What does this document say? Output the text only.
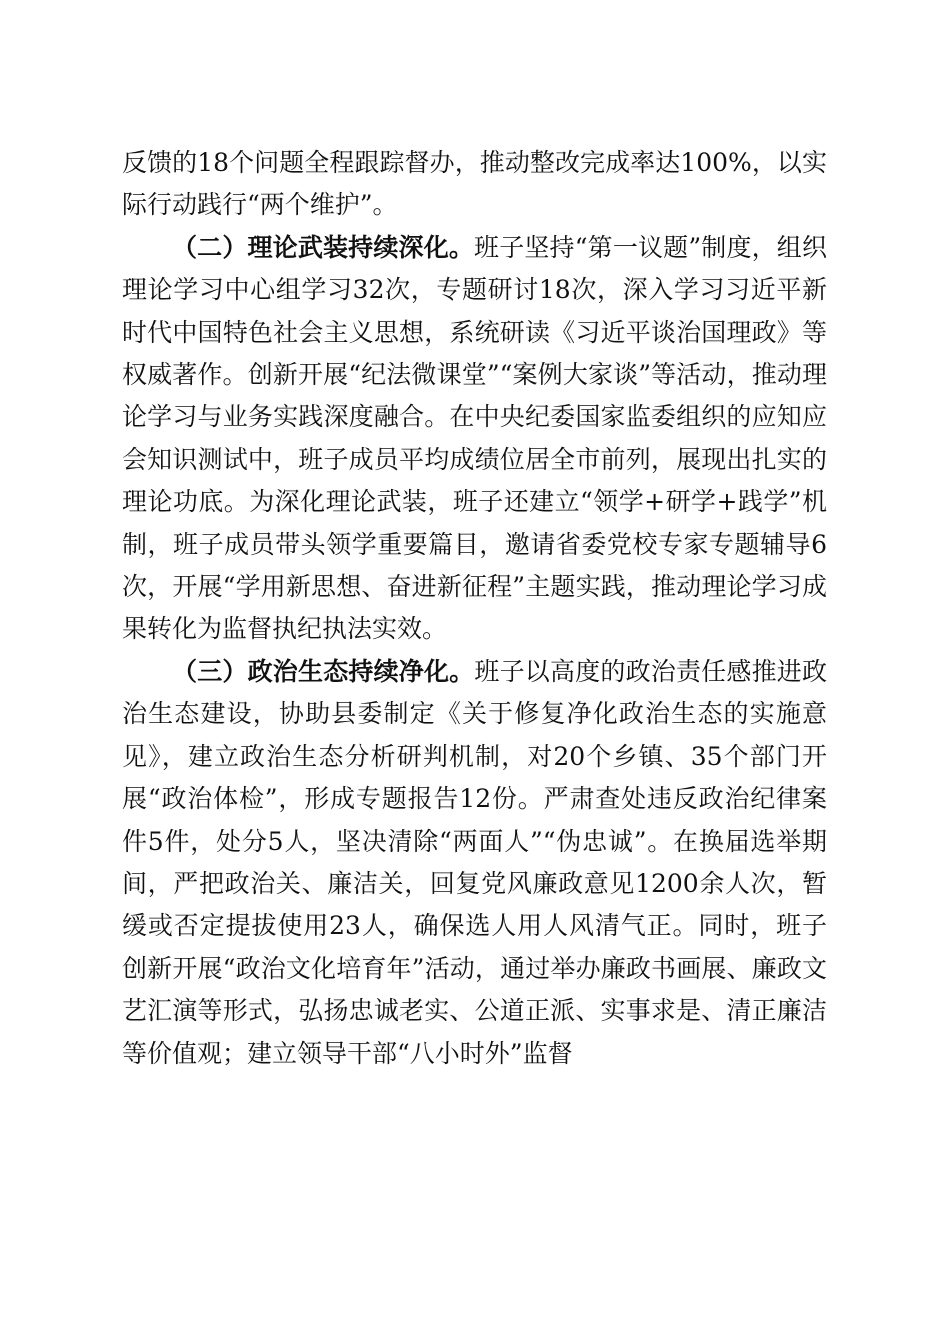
反馈的18个问题全程跟踪督办，推动整改完成率达100%，以实际行动践行“两个维护”。

（二）理论武装持续深化。班子坚持“第一议题”制度，组织理论学习中心组学习32次，专题研讨18次，深入学习习近平新时代中国特色社会主义思想，系统研读《习近平谈治国理政》等权威著作。创新开展“纪法微课堂”“案例大家谈”等活动，推动理论学习与业务实践深度融合。在中央纪委国家监委组织的应知应会知识测试中，班子成员平均成绩位居全市前列，展现出扎实的理论功底。为深化理论武装，班子还建立“领学+研学+践学”机制，班子成员带头领学重要篇目，邀请省委党校专家专题辅导6次，开展“学用新思想、奋进新征程”主题实践，推动理论学习成果转化为监督执纪执法实效。

（三）政治生态持续净化。班子以高度的政治责任感推进政治生态建设，协助县委制定《关于修复净化政治生态的实施意见》，建立政治生态分析研判机制，对20个乡镇、35个部门开展“政治体检”，形成专题报告12份。严肃查处违反政治纪律案件5件，处分5人，坚决清除“两面人”“伪忠诚”。在换届选举期间，严把政治关、廉洁关，回复党风廉政意见1200余人次，暂缓或否定提拔使用23人，确保选人用人风清气正。同时，班子创新开展“政治文化培育年”活动，通过举办廉政书画展、廉政文艺汇演等形式，弘扬忠诚老实、公道正派、实事求是、清正廉洁等价值观；建立领导干部“八小时外”监督
